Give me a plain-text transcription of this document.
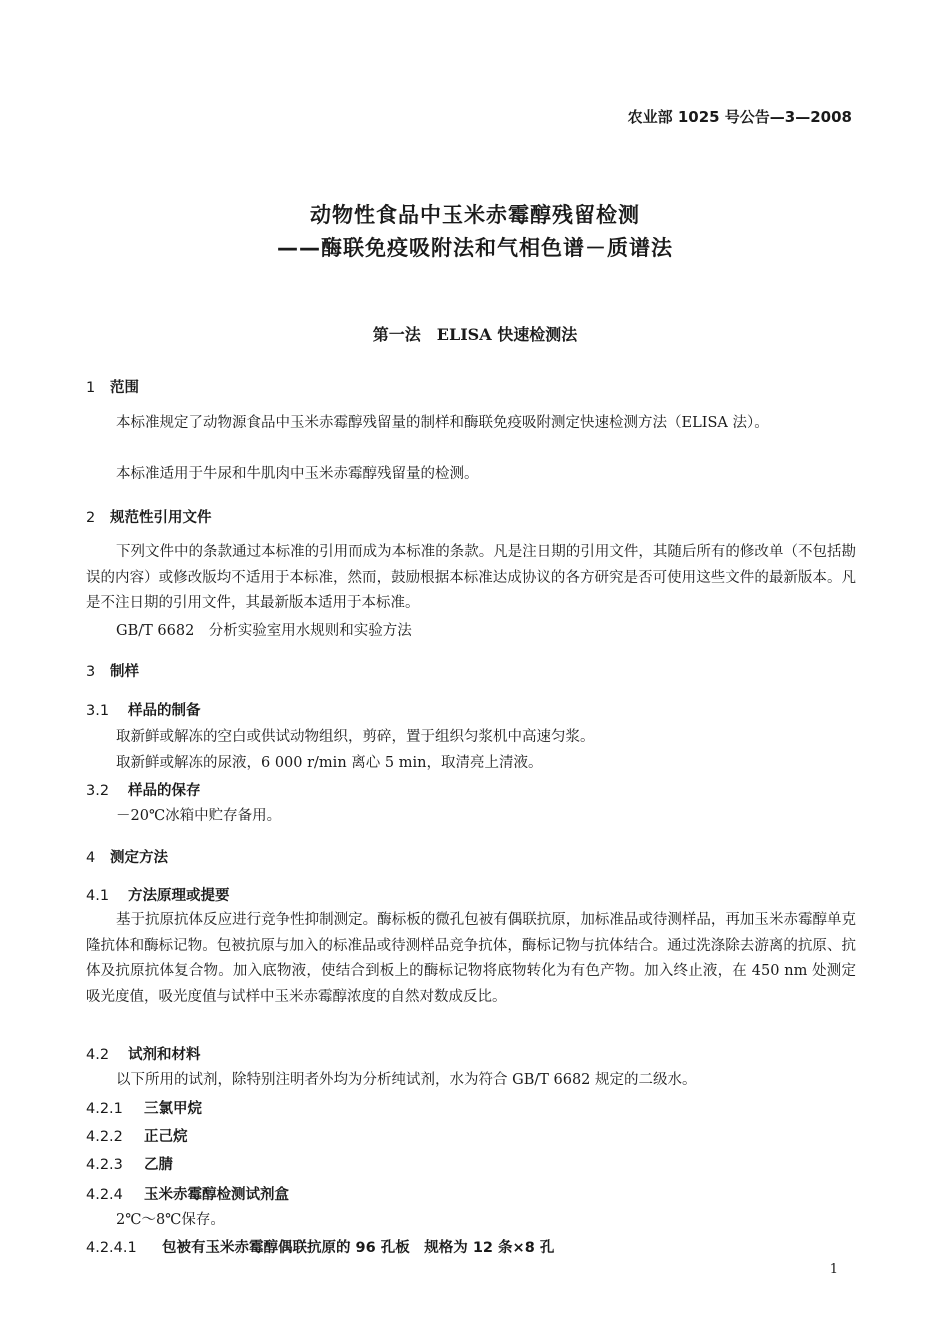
农业部 1025 号公告—3—2008
动物性食品中玉米赤霉醇残留检测
——酶联免疫吸附法和气相色谱－质谱法
第一法　ELISA 快速检测法
1 范围
本标准规定了动物源食品中玉米赤霉醇残留量的制样和酶联免疫吸附测定快速检测方法（ELISA 法）。
本标准适用于牛尿和牛肌肉中玉米赤霉醇残留量的检测。
2 规范性引用文件
下列文件中的条款通过本标准的引用而成为本标准的条款。凡是注日期的引用文件，其随后所有的修改单（不包括勘误的内容）或修改版均不适用于本标准，然而，鼓励根据本标准达成协议的各方研究是否可使用这些文件的最新版本。凡是不注日期的引用文件，其最新版本适用于本标准。
GB/T 6682　分析实验室用水规则和实验方法
3 制样
3.1 样品的制备
取新鲜或解冻的空白或供试动物组织，剪碎，置于组织匀浆机中高速匀浆。
取新鲜或解冻的尿液，6 000 r/min 离心 5 min，取清亮上清液。
3.2 样品的保存
－20℃冰箱中贮存备用。
4 测定方法
4.1 方法原理或提要
基于抗原抗体反应进行竞争性抑制测定。酶标板的微孔包被有偶联抗原，加标准品或待测样品，再加玉米赤霉醇单克隆抗体和酶标记物。包被抗原与加入的标准品或待测样品竞争抗体，酶标记物与抗体结合。通过洗涤除去游离的抗原、抗体及抗原抗体复合物。加入底物液，使结合到板上的酶标记物将底物转化为有色产物。加入终止液，在 450 nm 处测定吸光度值，吸光度值与试样中玉米赤霉醇浓度的自然对数成反比。
4.2 试剂和材料
以下所用的试剂，除特别注明者外均为分析纯试剂，水为符合 GB/T 6682 规定的二级水。
4.2.1 三氯甲烷
4.2.2 正己烷
4.2.3 乙腈
4.2.4 玉米赤霉醇检测试剂盒
2℃～8℃保存。
4.2.4.1 包被有玉米赤霉醇偶联抗原的 96 孔板　规格为 12 条×8 孔
1
